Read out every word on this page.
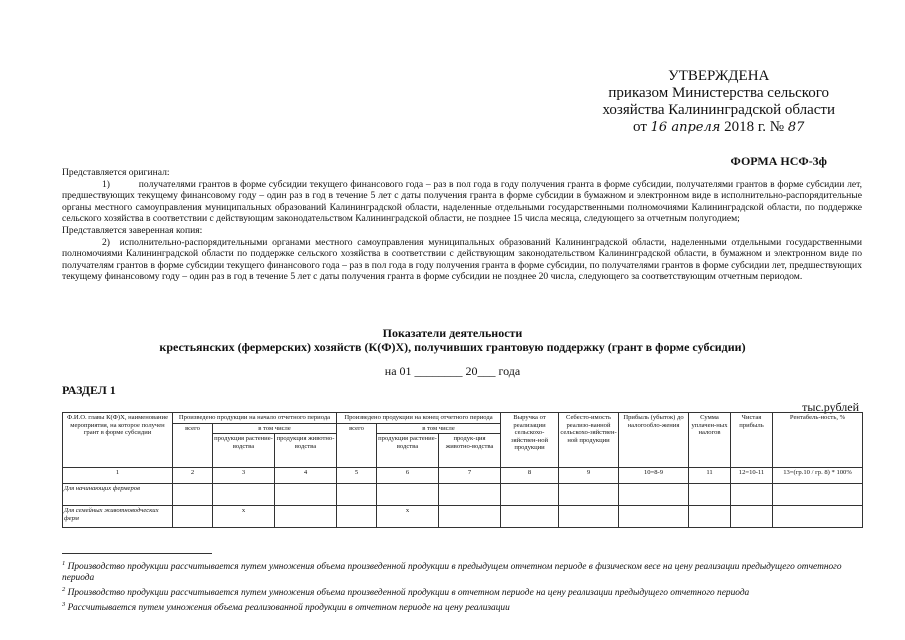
УТВЕРЖДЕНА
приказом Министерства сельского
хозяйства Калининградской области
от 16 апреля 2018 г. № 87
ФОРМА НСФ-3ф

Представляется оригинал:

1)   получателями грантов в форме субсидии текущего финансового года – раз в пол года в году получения гранта в форме субсидии, получателями грантов в форме субсидии лет, предшествующих текущему финансовому году – один раз в год в течение 5 лет с даты получения гранта в форме субсидии в бумажном и электронном виде в исполнительно-распорядительные органы местного самоуправления муниципальных образований Калининградской области, наделенные отдельными государственными полномочиями Калининградской области, по поддержке сельского хозяйства в соответствии с действующим законодательством Калининградской области, не позднее 15 числа месяца, следующего за отчетным полугодием;

Представляется заверенная копия:

2) исполнительно-распорядительными органами местного самоуправления муниципальных образований Калининградской области, наделенными отдельными государственными полномочиями Калининградской области по поддержке сельского хозяйства в соответствии с действующим законодательством Калининградской области, в бумажном и электронном виде по получателям грантов в форме субсидии текущего финансового года – раз в пол года в году получения гранта в форме субсидии, по получателями грантов в форме субсидии лет, предшествующих текущему финансовому году – один раз в год в течение 5 лет с даты получения гранта в форме субсидии не позднее 20 числа, следующего за соответствующим отчетным периодом.

Показатели деятельности
крестьянских (фермерских) хозяйств (К(Ф)Х), получивших грантовую поддержку (грант в форме субсидии)
на 01 ________ 20___ года
РАЗДЕЛ 1
тыс.рублей
Ф.И.О. главы К(Ф)Х, наименование мероприятия, на которое получен грант в форме субсидии	Произведено продукции на начало отчетного периода			Произведено продукции на конец отчетного периода			Выручка от реализации сельскохо-зяйствен-ной продукции	Себесто-имость реализо-ванной сельскохо-зяйствен-ной продукции	Прибыль (убыток) до налогообло-жения	Сумма уплачен-ных налогов	Чистая прибыль	Рентабель-ность, %
	всего	в том числе		всего	в том числе							
		продукция растение-водства	продукция животно-водства		продукция растение-водства	продук-ция животно-водства						
1	2	3	4	5	6	7	8	9	10=8-9	11	12=10-11	13=(гр.10 / гр. 8) * 100%
Для начинающих фермеров												
Для семейных животноводческих ферм		х			х							

$^1$ Производство продукции рассчитывается путем умножения объема произведенной продукции в предыдущем отчетном периоде в физическом весе на цену реализации предыдущего отчетного периода

$^2$ Производство продукции рассчитывается путем умножения объема произведенной продукции в отчетном периоде на цену реализации предыдущего отчетного периода

$^3$ Рассчитывается путем умножения объема реализованной продукции в отчетном периоде на цену реализации
